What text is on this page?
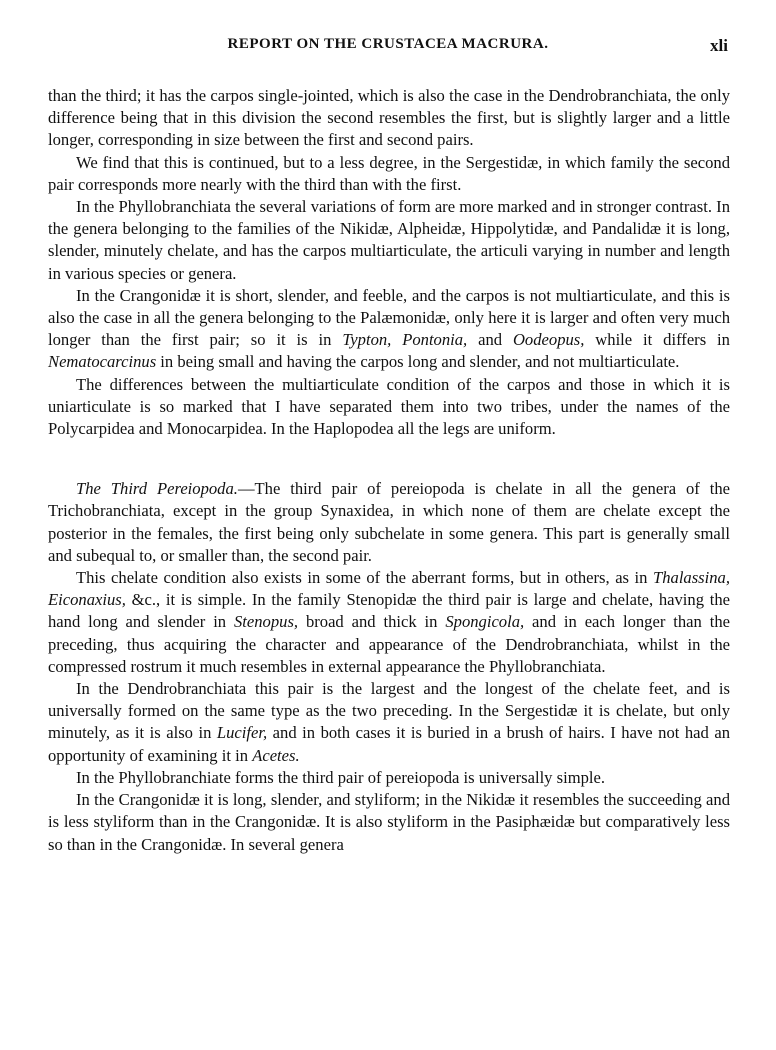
REPORT ON THE CRUSTACEA MACRURA.	xli

than the third; it has the carpos single-jointed, which is also the case in the Dendrobranchiata, the only difference being that in this division the second resembles the first, but is slightly larger and a little longer, corresponding in size between the first and second pairs.

We find that this is continued, but to a less degree, in the Sergestidæ, in which family the second pair corresponds more nearly with the third than with the first.

In the Phyllobranchiata the several variations of form are more marked and in stronger contrast. In the genera belonging to the families of the Nikidæ, Alpheidæ, Hippolytidæ, and Pandalidæ it is long, slender, minutely chelate, and has the carpos multiarticulate, the articuli varying in number and length in various species or genera.

In the Crangonidæ it is short, slender, and feeble, and the carpos is not multiarticulate, and this is also the case in all the genera belonging to the Palæmonidæ, only here it is larger and often very much longer than the first pair; so it is in Typton, Pontonia, and Oodeopus, while it differs in Nematocarcinus in being small and having the carpos long and slender, and not multiarticulate.

The differences between the multiarticulate condition of the carpos and those in which it is uniarticulate is so marked that I have separated them into two tribes, under the names of the Polycarpidea and Monocarpidea. In the Haplopodea all the legs are uniform.

The Third Pereiopoda.—The third pair of pereiopoda is chelate in all the genera of the Trichobranchiata, except in the group Synaxidea, in which none of them are chelate except the posterior in the females, the first being only subchelate in some genera. This part is generally small and subequal to, or smaller than, the second pair.

This chelate condition also exists in some of the aberrant forms, but in others, as in Thalassina, Eiconaxius, &c., it is simple. In the family Stenopidæ the third pair is large and chelate, having the hand long and slender in Stenopus, broad and thick in Spongicola, and in each longer than the preceding, thus acquiring the character and appearance of the Dendrobranchiata, whilst in the compressed rostrum it much resembles in external appearance the Phyllobranchiata.

In the Dendrobranchiata this pair is the largest and the longest of the chelate feet, and is universally formed on the same type as the two preceding. In the Sergestidæ it is chelate, but only minutely, as it is also in Lucifer, and in both cases it is buried in a brush of hairs. I have not had an opportunity of examining it in Acetes.

In the Phyllobranchiate forms the third pair of pereiopoda is universally simple.

In the Crangonidæ it is long, slender, and styliform; in the Nikidæ it resembles the succeeding and is less styliform than in the Crangonidæ. It is also styliform in the Pasiphæidæ but comparatively less so than in the Crangonidæ. In several genera
